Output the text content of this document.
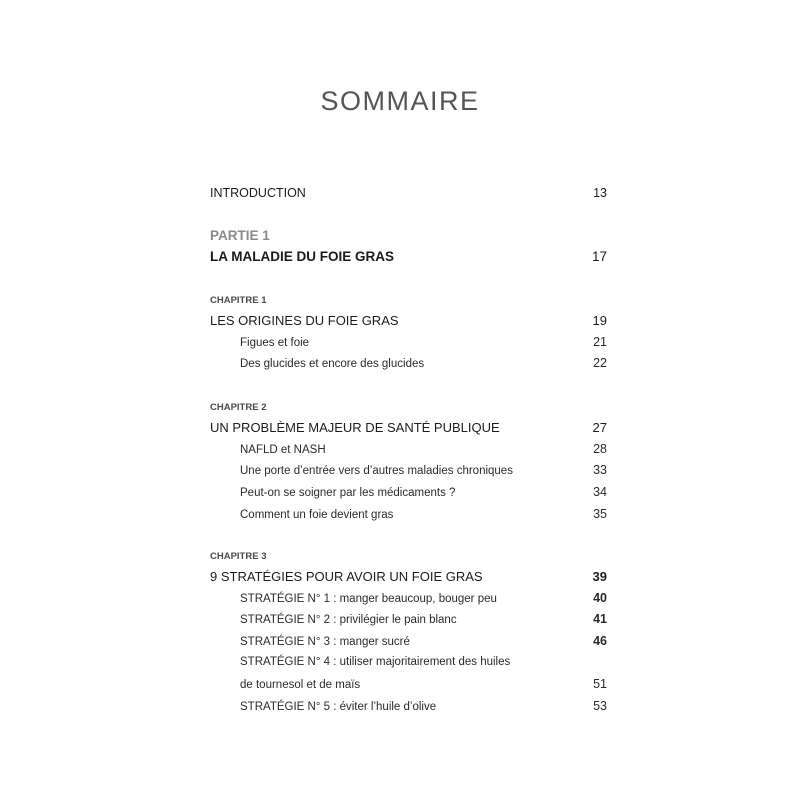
SOMMAIRE
INTRODUCTION	13
PARTIE 1
LA MALADIE DU FOIE GRAS	17
CHAPITRE 1
LES ORIGINES DU FOIE GRAS	19
Figues et foie	21
Des glucides et encore des glucides	22
CHAPITRE 2
UN PROBLÈME MAJEUR DE SANTÉ PUBLIQUE	27
NAFLD et NASH	28
Une porte d’entrée vers d’autres maladies chroniques	33
Peut-on se soigner par les médicaments ?	34
Comment un foie devient gras	35
CHAPITRE 3
9 STRATÉGIES POUR AVOIR UN FOIE GRAS	39
STRATÉGIE N° 1 : manger beaucoup, bouger peu	40
STRATÉGIE N° 2 : privilégier le pain blanc	41
STRATÉGIE N° 3 : manger sucré	46
STRATÉGIE N° 4 : utiliser majoritairement des huiles
de tournesol et de maïs	51
STRATÉGIE N° 5 : éviter l’huile d’olive	53
